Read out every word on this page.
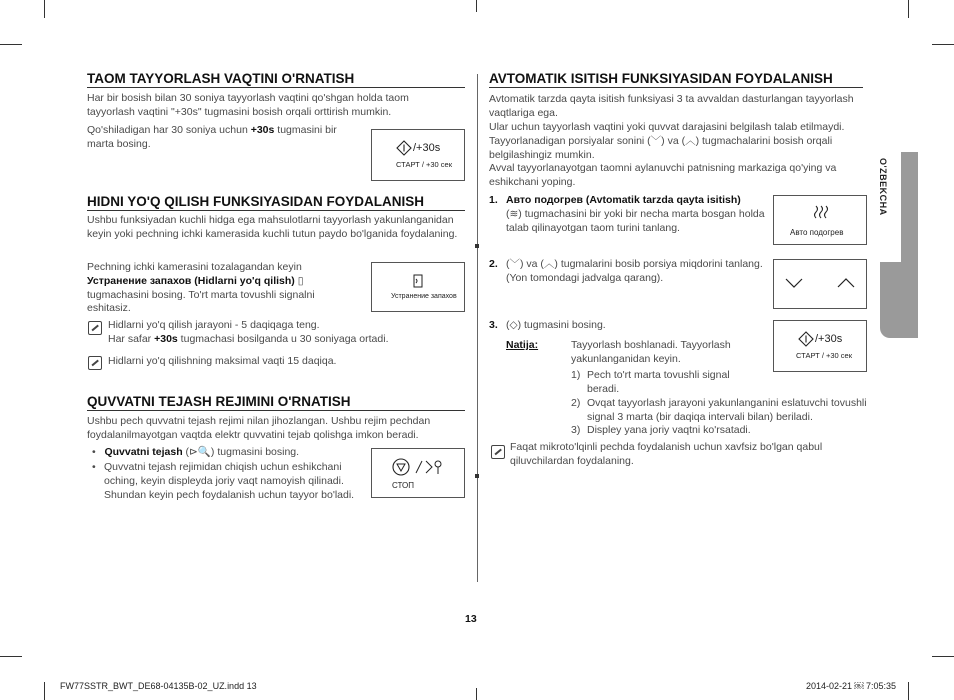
O'ZBEKCHA
TAOM TAYYORLASH VAQTINI O'RNATISH
Har bir bosish bilan 30 soniya tayyorlash vaqtini qo'shgan holda taom tayyorlash vaqtini "+30s" tugmasini bosish orqali orttirish mumkin.
Qo'shiladigan har 30 soniya uchun +30s tugmasini bir marta bosing.	/+30s
СТАРТ / +30 сек
HIDNI YO'Q QILISH FUNKSIYASIDAN FOYDALANISH
Ushbu funksiyadan kuchli hidga ega mahsulotlarni tayyorlash yakunlanganidan keyin yoki pechning ichki kamerasida kuchli tutun paydo bo'lganida foydalaning.
Pechning ichki kamerasini tozalagandan keyin
Устранение запахов (Hidlarni yo'q qilish) ▯ tugmachasini bosing. To'rt marta tovushli signalni eshitasiz.
Устранение запахов
Hidlarni yo'q qilish jarayoni - 5 daqiqaga teng.
Har safar +30s tugmachasi bosilganda u 30 soniyaga ortadi.
Hidlarni yo'q qilishning maksimal vaqti 15 daqiqa.
QUVVATNI TEJASH REJIMINI O'RNATISH
Ushbu pech quvvatni tejash rejimi nilan jihozlangan. Ushbu rejim pechdan foydalanilmayotgan vaqtda elektr quvvatini tejab qolishga imkon beradi.
•   Quvvatni tejash (⊳🔍) tugmasini bosing.
• Quvvatni tejash rejimidan chiqish uchun eshikchani oching, keyin displeyda joriy vaqt namoyish qilinadi. Shundan keyin pech foydalanish uchun tayyor bo'ladi.
СТОП
AVTOMATIK ISITISH FUNKSIYASIDAN FOYDALANISH
Avtomatik tarzda qayta isitish funksiyasi 3 ta avvaldan dasturlangan tayyorlash vaqtlariga ega.
Ular uchun tayyorlash vaqtini yoki quvvat darajasini belgilash talab etilmaydi. Tayyorlanadigan porsiyalar sonini (﹀) va (︿) tugmachalarini bosish orqali belgilashingiz mumkin.
Avval tayyorlanayotgan taomni aylanuvchi patnisning markaziga qo'ying va eshikchani yoping.
1. Авто подогрев (Avtomatik tarzda qayta isitish)
(≋) tugmachasini bir yoki bir necha marta bosgan holda talab qilinayotgan taom turini tanlang.	Авто подогрев
2. (﹀) va (︿) tugmalarini bosib porsiya miqdorini tanlang. (Yon tomondagi jadvalga qarang).
3. (◇) tugmasini bosing.
Natija:	Tayyorlash boshlanadi. Tayyorlash yakunlanganidan keyin.
1) Pech to'rt marta tovushli signal beradi.
2) Ovqat tayyorlash jarayoni yakunlanganini eslatuvchi tovushli signal 3 marta (bir daqiqa intervali bilan) beriladi.
3) Displey yana joriy vaqtni ko'rsatadi.
/+30s
СТАРТ / +30 сек
Faqat mikroto'lqinli pechda foydalanish uchun xavfsiz bo'lgan qabul qiluvchilardan foydalaning.
13
FW77SSTR_BWT_DE68-04135B-02_UZ.indd 13	2014-02-21 ￼ 7:05:35
